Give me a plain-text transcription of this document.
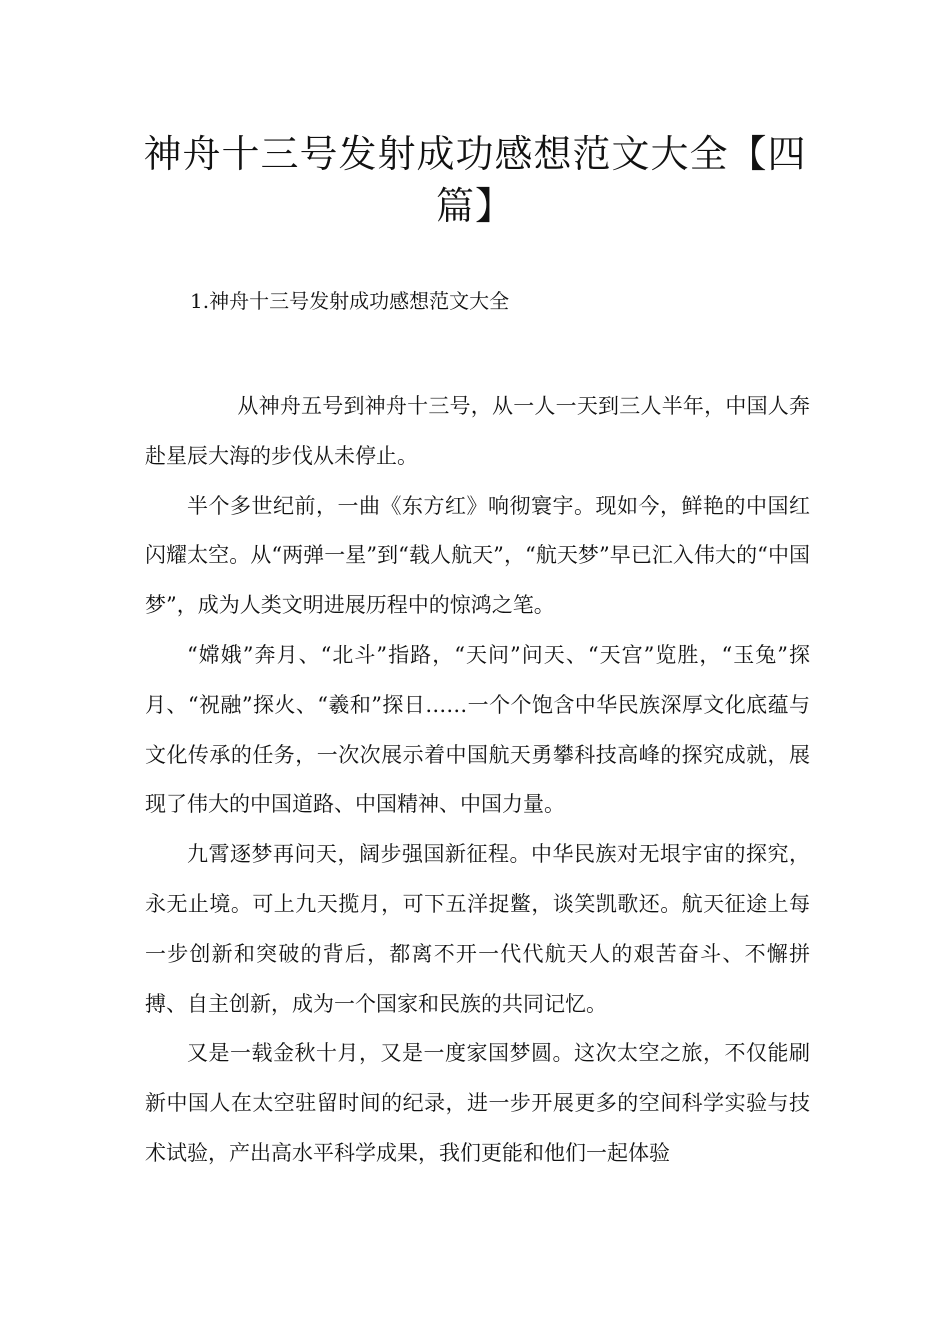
神舟十三号发射成功感想范文大全【四篇】
1.神舟十三号发射成功感想范文大全

从神舟五号到神舟十三号，从一人一天到三人半年，中国人奔赴星辰大海的步伐从未停止。

半个多世纪前，一曲《东方红》响彻寰宇。现如今，鲜艳的中国红闪耀太空。从“两弹一星”到“载人航天”，“航天梦”早已汇入伟大的“中国梦”，成为人类文明进展历程中的惊鸿之笔。

“嫦娥”奔月、“北斗”指路，“天问”问天、“天宫”览胜，“玉兔”探月、“祝融”探火、“羲和”探日……一个个饱含中华民族深厚文化底蕴与文化传承的任务，一次次展示着中国航天勇攀科技高峰的探究成就，展现了伟大的中国道路、中国精神、中国力量。

九霄逐梦再问天，阔步强国新征程。中华民族对无垠宇宙的探究，永无止境。可上九天揽月，可下五洋捉鳖，谈笑凯歌还。航天征途上每一步创新和突破的背后，都离不开一代代航天人的艰苦奋斗、不懈拼搏、自主创新，成为一个国家和民族的共同记忆。

又是一载金秋十月，又是一度家国梦圆。这次太空之旅，不仅能刷新中国人在太空驻留时间的纪录，进一步开展更多的空间科学实验与技术试验，产出高水平科学成果，我们更能和他们一起体验
